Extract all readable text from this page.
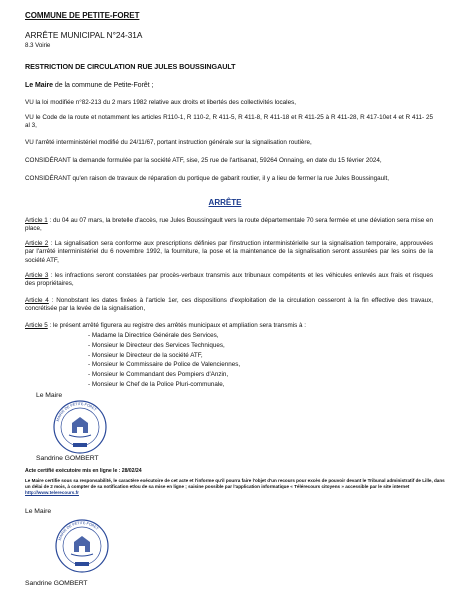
COMMUNE DE PETITE-FORET
ARRÊTE MUNICIPAL N°24-31A
8.3 Voirie
RESTRICTION DE CIRCULATION RUE JULES BOUSSINGAULT
Le Maire de la commune de Petite-Forêt ;
VU la loi modifiée n°82-213 du 2 mars 1982 relative aux droits et libertés des collectivités locales,
VU le Code de la route et notamment les articles R110-1, R 110-2, R 411-5, R 411-8, R 411-18 et R 411-25 à R 411-28, R 417-10et 4 et R 411- 25 al 3,
VU l'arrêté interministériel modifié du 24/11/67, portant instruction générale sur la signalisation routière,
CONSIDÉRANT la demande formulée par la société ATF, sise, 25 rue de l'artisanat, 59264 Onnaing, en date du 15 février 2024,
CONSIDÉRANT qu'en raison de travaux de réparation du portique de gabarit routier, il y a lieu de fermer la rue Jules Boussingault,
ARRÊTE
Article 1 : du 04 au 07 mars, la bretelle d'accès, rue Jules Boussingault vers la route départementale 70 sera fermée et une déviation sera mise en place,
Article 2 : La signalisation sera conforme aux prescriptions définies par l'instruction interministérielle sur la signalisation temporaire, approuvées par l'arrêté interministériel du 6 novembre 1992, la fourniture, la pose et la maintenance de la signalisation seront assurées par les soins de la société ATF,
Article 3 : les infractions seront constatées par procès-verbaux transmis aux tribunaux compétents et les véhicules enlevés aux frais et risques des propriétaires,
Article 4 : Nonobstant les dates fixées à l'article 1er, ces dispositions d'exploitation de la circulation cesseront à la fin effective des travaux, concrétisée par la levée de la signalisation,
Article 5 : le présent arrêté figurera au registre des arrêtés municipaux et ampliation sera transmis à :
- Madame la Directrice Générale des Services,
- Monsieur le Directeur des Services Techniques,
- Monsieur le Directeur de la société ATF,
- Monsieur le Commissaire de Police de Valenciennes,
- Monsieur le Commandant des Pompiers d'Anzin,
- Monsieur le Chef de la Police Pluri-communale,
Le Maire
MAIRIE DE PETITE-FORET
Sandrine GOMBERT
Acte certifié exécutoire mis en ligne le : 28/02/24
Le Maire certifie sous sa responsabilité, le caractère exécutoire de cet acte et l'informe qu'il pourra faire l'objet d'un recours pour excès de pouvoir devant le Tribunal administratif de Lille, dans un délai de 2 mois, à compter de sa notification et/ou de sa mise en ligne ; saisine possible par l'application informatique « Télérecours citoyens » accessible par le site internet http://www.telerecours.fr
Le Maire
MAIRIE DE PETITE-FORET
Sandrine GOMBERT
